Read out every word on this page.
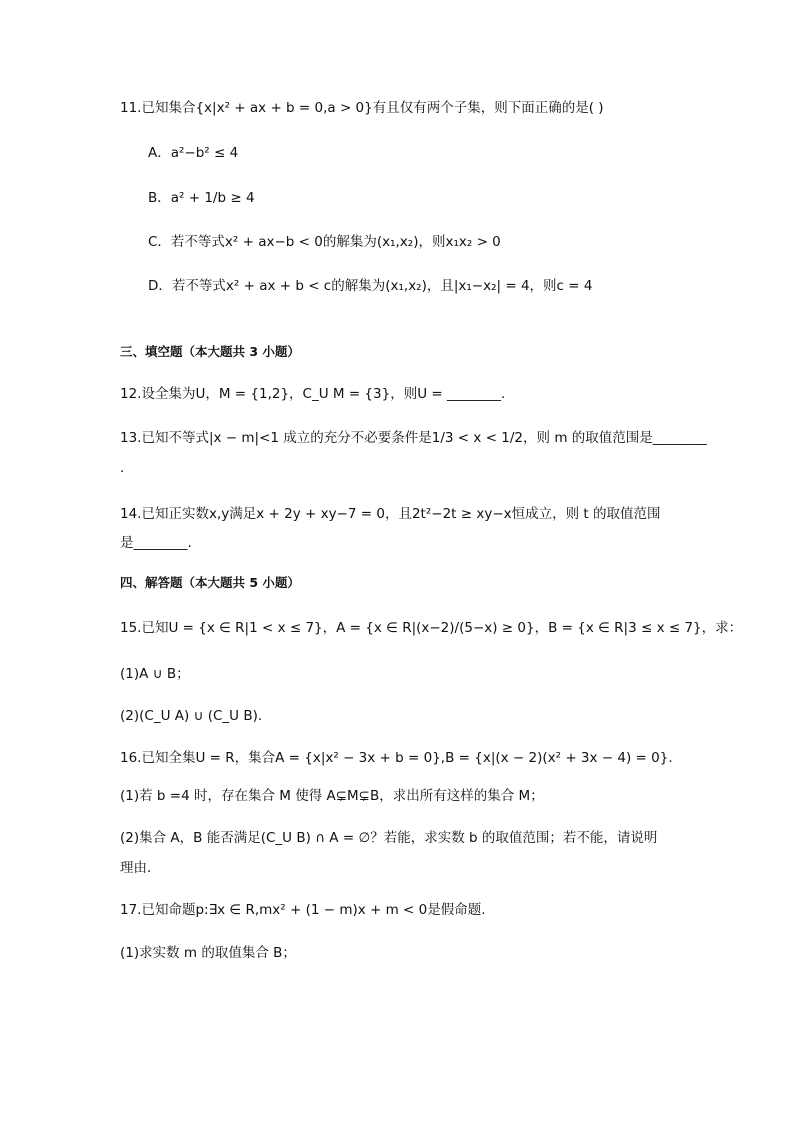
11.已知集合{x|x² + ax + b = 0,a > 0}有且仅有两个子集，则下面正确的是( )
A．a²−b² ≤ 4
B．a² + 1/b ≥ 4
C．若不等式x² + ax−b < 0的解集为(x₁,x₂)，则x₁x₂ > 0
D．若不等式x² + ax + b < c的解集为(x₁,x₂)，且|x₁−x₂| = 4，则c = 4
三、填空题（本大题共 3 小题）
12.设全集为U，M = {1,2}，C_U M = {3}，则U = ________.
13.已知不等式|x − m|<1 成立的充分不必要条件是1/3 < x < 1/2，则 m 的取值范围是________
.
14.已知正实数x,y满足x + 2y + xy−7 = 0，且2t²−2t ≥ xy−x恒成立，则 t 的取值范围
是________.
四、解答题（本大题共 5 小题）
15.已知U = {x ∈ R|1 < x ≤ 7}，A = {x ∈ R|(x−2)/(5−x) ≥ 0}，B = {x ∈ R|3 ≤ x ≤ 7}，求：
(1)A ∪ B；
(2)(C_U A) ∪ (C_U B).
16.已知全集U = R，集合A = {x|x² − 3x + b = 0},B = {x|(x − 2)(x² + 3x − 4) = 0}.
(1)若 b =4 时，存在集合 M 使得 A⊊M⊊B，求出所有这样的集合 M；
(2)集合 A，B 能否满足(C_U B) ∩ A = ∅？若能，求实数 b 的取值范围；若不能，请说明
理由．
17.已知命题p:∃x ∈ R,mx² + (1 − m)x + m < 0是假命题.
(1)求实数 m 的取值集合 B；
